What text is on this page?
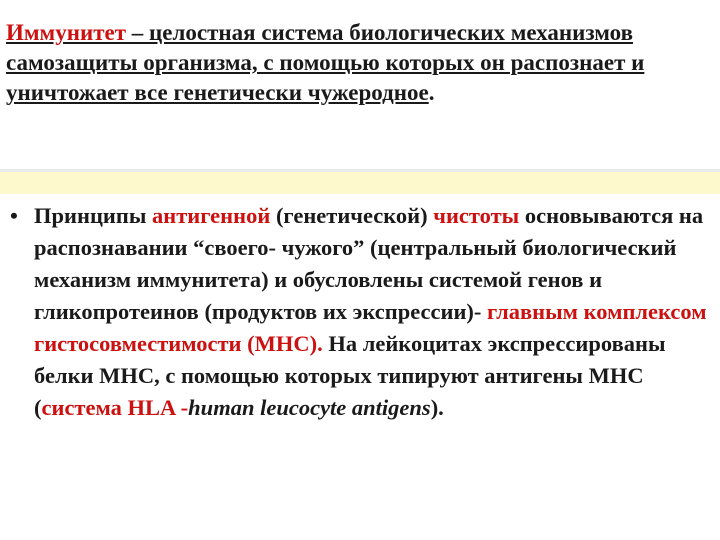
Иммунитет – целостная система биологических механизмов самозащиты организма, с помощью которых он распознает и уничтожает все генетически чужеродное.

• Принципы антигенной (генетической) чистоты основываются на распознавании “своего- чужого” (центральный биологический механизм иммунитета) и обусловлены системой генов и гликопротеинов (продуктов их экспрессии)- главным комплексом гистосовместимости (MHC). На лейкоцитах экспрессированы белки MHC, с помощью которых типируют антигены MHC (система HLA -human leucocyte antigens).
